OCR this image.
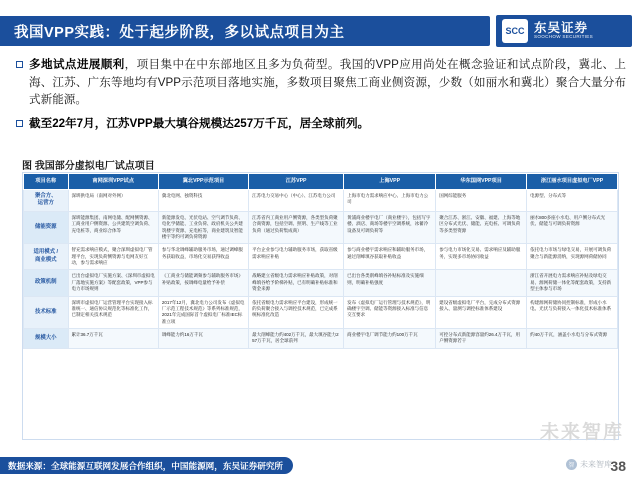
我国VPP实践：处于起步阶段，多以试点项目为主	SCC 东吴证券
SOOCHOW SECURITIES
多地试点进展顺利，项目集中在中东部地区且多为负荷型。我国的VPP应用尚处在概念验证和试点阶段，冀北、上海、江苏、广东等地均有VPP示范项目落地实施，多数项目聚焦工商业侧资源，少数（如丽水和冀北）聚合大量分布式新能源。
截至22年7月，江苏VPP最大填谷规模达257万千瓦，居全球前列。
图 我国部分虚拟电厂试点项目
项目名称	南网深圳VPP试点	冀北VPP示范项目	江苏VPP	上海VPP	华东国网VPP项目	浙江丽水项目虚拟电厂VPP
聚合方、运营方	深圳供电局（南网对外网）	冀北电网、独资科技	江苏电力交易中心（中心）、江苏电力公司	上海市电力需求响应中心、上海市电力公司	国网综能服务	电源型、分布式等
储能资源	深圳能源集团、南网电储、配网侧资源、工商业用户侧资源、公共建筑空调负荷、充电桩等，商业综合体等	新能源发电、光伏电站、空气调节负荷、电化学储能、工业负荷、政府机关公共建筑楼宇资源、充电桩等，商业建筑及智能楼宇等约可调负荷资源	江苏省内工商业用户侧资源，各类型负荷聚合商资源，包括空调、照明、生产线等工业负荷（通过负荷集成商）	黄浦商业楼宇电厂（商业楼宇），包括写字楼、酒店、商场等楼宇空调系统，冰蓄冷设备及可调负荷等	聚合江苏、浙江、安徽、福建、上海等地区分布式光伏、储能、充电桩、可调负荷等多类型资源	丽水800多座小水电、用户侧分布式光伏、储能与可调负荷资源
适用模式 / 商业模式	智充需求响应模式，聚合深圳虚拟电厂管理平台，实现负荷侧资源与电网友好互动，参与需求响应	参与华北调峰辅助服务市场，通过调峰服务获取收益，市场化交易获得收益	平台企业参与电力辅助服务市场，获取省级需求响应补贴	参与商业楼宇需求响应和辅助服务市场，通过削峰填谷获取补贴收益	参与电力市场化交易、需求响应及辅助服务，实现多市场协同收益	依托电力市场与绿电交易，开展可调负荷聚合与新能源消纳，实现源网荷储协同
政策机制	已出台虚拟电厂实施方案、《深圳市虚拟电厂落地实施方案》等配套政策，VPP参与电力市场规则	《工商业与储能调频参与辅助服务市场》补贴政策，按调峰电量给予补偿	战略建立省级电力需求响应补贴政策，对削峰填谷给予阶梯补贴，已有明确补贴标准和资金来源	已出台各类削峰填谷补贴标准及实施细则，明确补贴强度		浙江省开展电力需求响应补贴及绿电交易、源网荷储一体化等配套政策，支持新型主体参与市场
技术标准	深圳市虚拟电厂运营管理平台实现接入标准统一、通信协议规范化等标准化工作，已制定相关技术规范	2017年12月，冀北电力公司发布《虚拟电厂示范工程技术规范》等系列标准规范，2021年完成国际首个虚拟电厂标准IEC标准立项	依托省级电力需求响应平台建设，形成统一的负荷聚合接入与调控技术规范，已完成系统标准化改造	发布《虚拟电厂运行管理与技术规范》，明确楼宇空调、储能等资源接入标准与信息交互要求	建设省级虚拟电厂平台，完成分布式资源接入、量测与调控标准体系建设	构建源网荷储协同控制标准，形成小水电、光伏与负荷接入一体化技术标准体系
规模大小	累计36.7万千瓦	调峰能力约16万千瓦	最大削峰能力约402万千瓦，最大填谷能力257万千瓦，居全球前列	商业楼宇电厂调节能力约100万千瓦	可控分布式新能源容量约26.4万千瓦，用户侧资源若干	约40万千瓦，涵盖小水电与分布式资源
未来智库
数据来源：全球能源互联网发展合作组织，中国能源网，东吴证券研究所	智 未来智库
38
